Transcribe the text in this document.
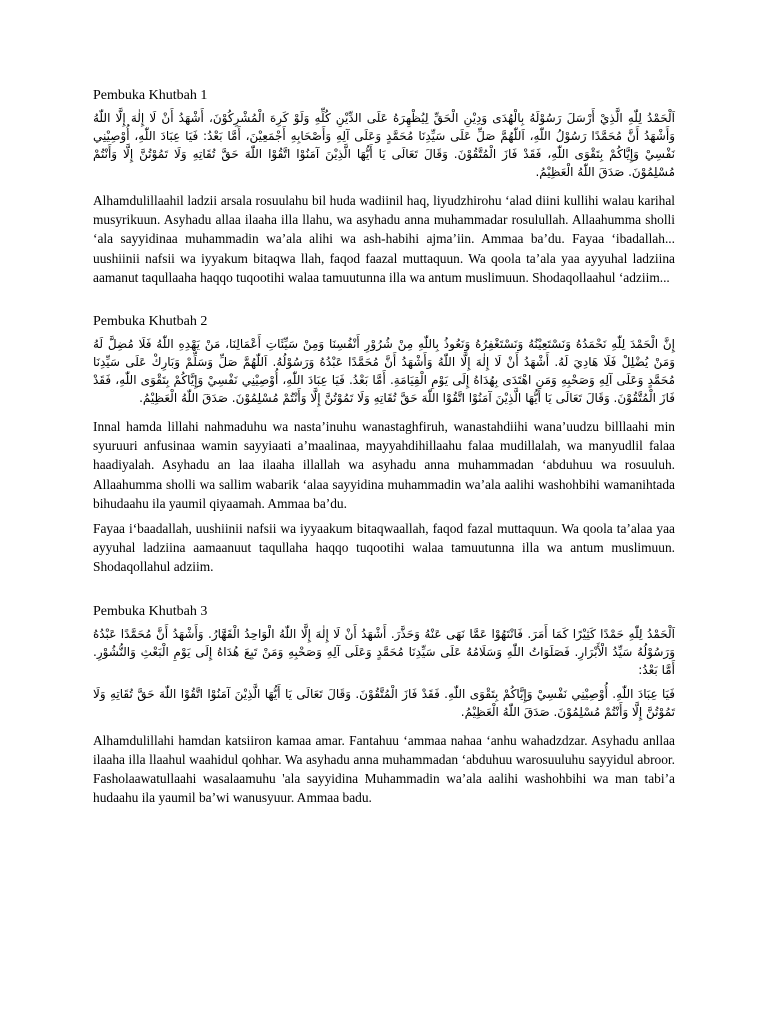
Pembuka Khutbah 1

اَلْحَمْدُ لِلّٰهِ الَّذِيْ أَرْسَلَ رَسُوْلَهُ بِالْهُدَى وَدِيْنِ الْحَقِّ لِيُظْهِرَهُ عَلَى الدِّيْنِ كُلِّهِ وَلَوْ كَرِهَ الْمُشْرِكُوْنَ، أَشْهَدُ أَنْ لَا إِلٰهَ إِلَّا اللّٰهُ وَأَشْهَدُ أَنَّ مُحَمَّدًا رَسُوْلُ اللّٰهِ، اَللّٰهُمَّ صَلِّ عَلَى سَيِّدِنَا مُحَمَّدٍ وَعَلَى آلِهِ وَأَصْحَابِهِ أَجْمَعِيْنَ، أَمَّا بَعْدُ: فَيَا عِبَادَ اللّٰهِ، أُوْصِيْنِي نَفْسِيْ وَإِيَّاكُمْ بِتَقْوَى اللّٰهِ، فَقَدْ فَازَ الْمُتَّقُوْنَ. وَقَالَ تَعَالَى يَا أَيُّهَا الَّذِيْنَ آمَنُوْا اتَّقُوْا اللّٰهَ حَقَّ تُقَاتِهِ وَلَا تَمُوْتُنَّ إِلَّا وَأَنْتُمْ مُسْلِمُوْنَ. صَدَقَ اللّٰهُ الْعَظِيْمُ.

Alhamdulillaahil ladzii arsala rosuulahu bil huda wadiinil haq, liyudzhirohu ‘alad diini kullihi walau karihal musyrikuun. Asyhadu allaa ilaaha illa llahu, wa asyhadu anna muhammadar rosulullah. Allaahumma sholli ‘ala sayyidinaa muhammadin wa’ala alihi wa ash-habihi ajma’iin. Ammaa ba’du. Fayaa ‘ibadallah... uushiinii nafsii wa iyyakum bitaqwa llah, faqod faazal muttaquun. Wa qoola ta’ala yaa ayyuhal ladziina aamanut taqullaaha haqqo tuqootihi walaa tamuutunna illa wa antum muslimuun. Shodaqollaahul ‘adziim...

Pembuka Khutbah 2

إِنَّ الْحَمْدَ لِلّٰهِ نَحْمَدُهُ وَنَسْتَعِيْنُهُ وَنَسْتَغْفِرُهُ وَنَعُوذُ بِاللّٰهِ مِنْ شُرُوْرِ أَنْفُسِنَا وَمِنْ سَيِّئَاتِ أَعْمَالِنَا، مَنْ يَهْدِهِ اللّٰهُ فَلَا مُضِلَّ لَهُ وَمَنْ يُضْلِلْ فَلَا هَادِيَ لَهُ. أَشْهَدُ أَنْ لَا إِلٰهَ إِلَّا اللّٰهُ وَأَشْهَدُ أَنَّ مُحَمَّدًا عَبْدُهُ وَرَسُوْلُهُ. اَللّٰهُمَّ صَلِّ وَسَلِّمْ وَبَارِكْ عَلَى سَيِّدِنَا مُحَمَّدٍ وَعَلَى آلِهِ وَصَحْبِهِ وَمَنِ اهْتَدَى بِهُدَاهُ إِلَى يَوْمِ الْقِيَامَةِ. أَمَّا بَعْدُ. فَيَا عِبَادَ اللّٰهِ، أُوْصِيْنِي نَفْسِيْ وَإِيَّاكُمْ بِتَقْوَى اللّٰهِ، فَقَدْ فَازَ الْمُتَّقُوْنَ. وَقَالَ تَعَالَى يَا أَيُّهَا الَّذِيْنَ آمَنُوْا اتَّقُوْا اللّٰهَ حَقَّ تُقَاتِهِ وَلَا تَمُوْتُنَّ إِلَّا وَأَنْتُمْ مُسْلِمُوْنَ. صَدَقَ اللّٰهُ الْعَظِيْمُ.

Innal hamda lillahi nahmaduhu wa nasta’inuhu wanastaghfiruh, wanastahdiihi wana’uudzu billlaahi min syuruuri anfusinaa wamin sayyiaati a’maalinaa, mayyahdihillaahu falaa mudillalah, wa manyudlil falaa haadiyalah. Asyhadu an laa ilaaha illallah wa asyhadu anna muhammadan ‘abduhuu wa rosuuluh. Allaahumma sholli wa sallim wabarik ‘alaa sayyidina muhammadin wa’ala aalihi washohbihi wamanihtada bihudaahu ila yaumil qiyaamah. Ammaa ba’du.

Fayaa i‘baadallah, uushiinii nafsii wa iyyaakum bitaqwaallah, faqod fazal muttaquun. Wa qoola ta’alaa yaa ayyuhal ladziina aamaanuut taqullaha haqqo tuqootihi walaa tamuutunna illa wa antum muslimuun. Shodaqollahul adziim.

Pembuka Khutbah 3

اَلْحَمْدُ لِلّٰهِ حَمْدًا كَثِيْرًا كَمَا أَمَرَ. فَانْتَهُوْا عَمَّا نَهَى عَنْهُ وَحَذَّرَ. أَشْهَدُ أَنْ لَا إِلٰهَ إِلَّا اللّٰهُ الْوَاحِدُ الْقَهَّارُ. وَأَشْهَدُ أَنَّ مُحَمَّدًا عَبْدُهُ وَرَسُوْلُهُ سَيِّدُ الْأَبْرَارِ. فَصَلَوَاتُ اللّٰهِ وَسَلَامُهُ عَلَى سَيِّدِنَا مُحَمَّدٍ وَعَلَى آلِهِ وَصَحْبِهِ وَمَنْ تَبِعَ هُدَاهُ إِلَى يَوْمِ الْبَعْثِ وَالنُّشُوْرِ. أَمَّا بَعْدُ:

فَيَا عِبَادَ اللّٰهِ. أُوْصِيْنِي نَفْسِيْ وَإِيَّاكُمْ بِتَقْوَى اللّٰهِ. فَقَدْ فَازَ الْمُتَّقُوْنَ. وَقَالَ تَعَالَى يَا أَيُّهَا الَّذِيْنَ آمَنُوْا اتَّقُوْا اللّٰهَ حَقَّ تُقَاتِهِ وَلَا تَمُوْتُنَّ إِلَّا وَأَنْتُمْ مُسْلِمُوْنَ. صَدَقَ اللّٰهُ الْعَظِيْمُ.

Alhamdulillahi hamdan katsiiron kamaa amar. Fantahuu ‘ammaa nahaa ‘anhu wahadzdzar. Asyhadu anllaa ilaaha illa llaahul waahidul qohhar. Wa asyhadu anna muhammadan ‘abduhuu warosuuluhu sayyidul abroor. Fasholaawatullaahi wasalaamuhu 'ala sayyidina Muhammadin wa’ala aalihi washohbihi wa man tabi’a hudaahu ila yaumil ba’wi wanusyuur. Ammaa badu.
